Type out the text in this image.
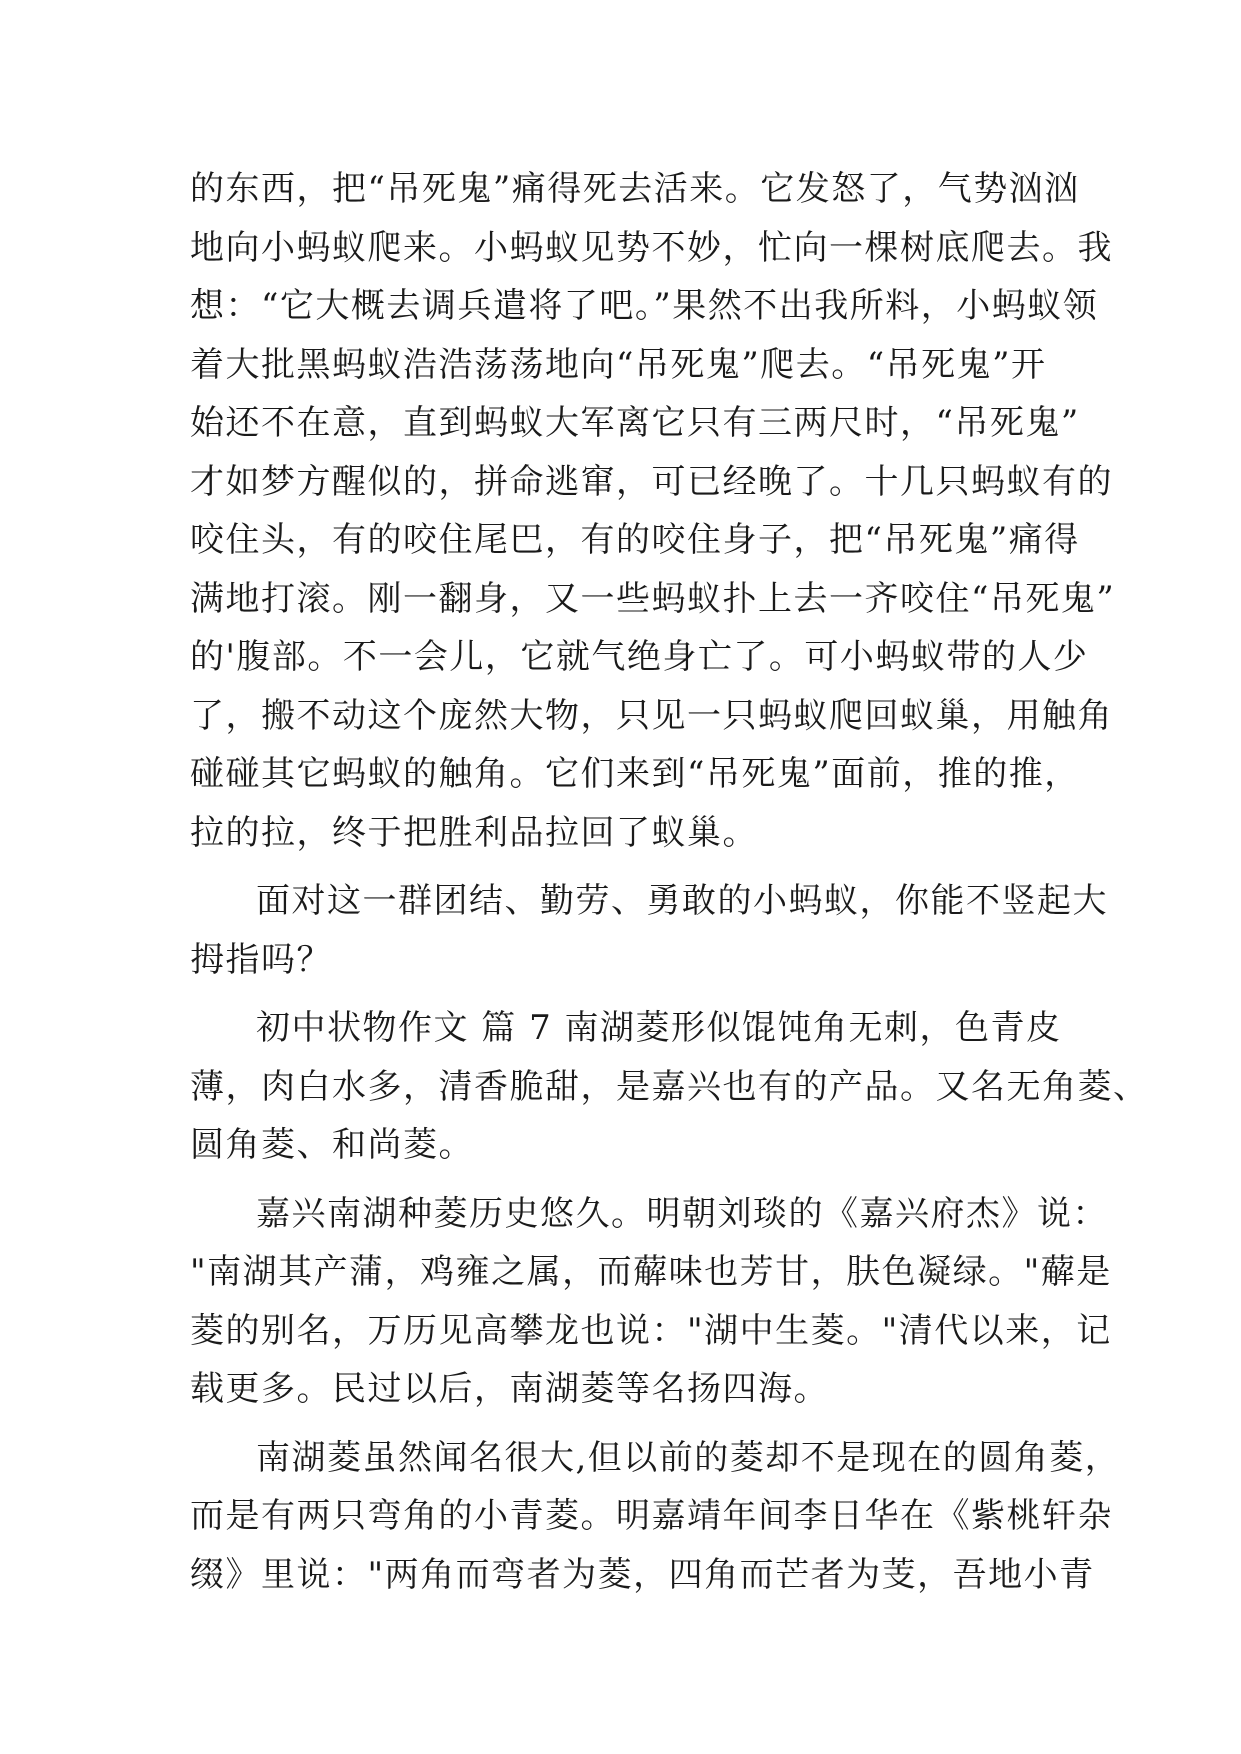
的东西，把“吊死鬼”痛得死去活来。它发怒了，气势汹汹
地向小蚂蚁爬来。小蚂蚁见势不妙，忙向一棵树底爬去。我
想：“它大概去调兵遣将了吧。”果然不出我所料，小蚂蚁领
着大批黑蚂蚁浩浩荡荡地向“吊死鬼”爬去。“吊死鬼”开
始还不在意，直到蚂蚁大军离它只有三两尺时，“吊死鬼”
才如梦方醒似的，拼命逃窜，可已经晚了。十几只蚂蚁有的
咬住头，有的咬住尾巴，有的咬住身子，把“吊死鬼”痛得
满地打滚。刚一翻身，又一些蚂蚁扑上去一齐咬住“吊死鬼”
的'腹部。不一会儿，它就气绝身亡了。可小蚂蚁带的人少
了，搬不动这个庞然大物，只见一只蚂蚁爬回蚁巢，用触角
碰碰其它蚂蚁的触角。它们来到“吊死鬼”面前，推的推，
拉的拉，终于把胜利品拉回了蚁巢。
面对这一群团结、勤劳、勇敢的小蚂蚁，你能不竖起大
拇指吗？
初中状物作文 篇 7 南湖菱形似馄饨角无刺，色青皮
薄，肉白水多，清香脆甜，是嘉兴也有的产品。又名无角菱、
圆角菱、和尚菱。
嘉兴南湖种菱历史悠久。明朝刘琰的《嘉兴府杰》说：
"南湖其产蒲，鸡雍之属，而薢味也芳甘，肤色凝绿。"薢是
菱的别名，万历见高攀龙也说："湖中生菱。"清代以来，记
载更多。民过以后，南湖菱等名扬四海。
南湖菱虽然闻名很大,但以前的菱却不是现在的圆角菱，
而是有两只弯角的小青菱。明嘉靖年间李日华在《紫桃轩杂
缀》里说："两角而弯者为菱，四角而芒者为芰，吾地小青
